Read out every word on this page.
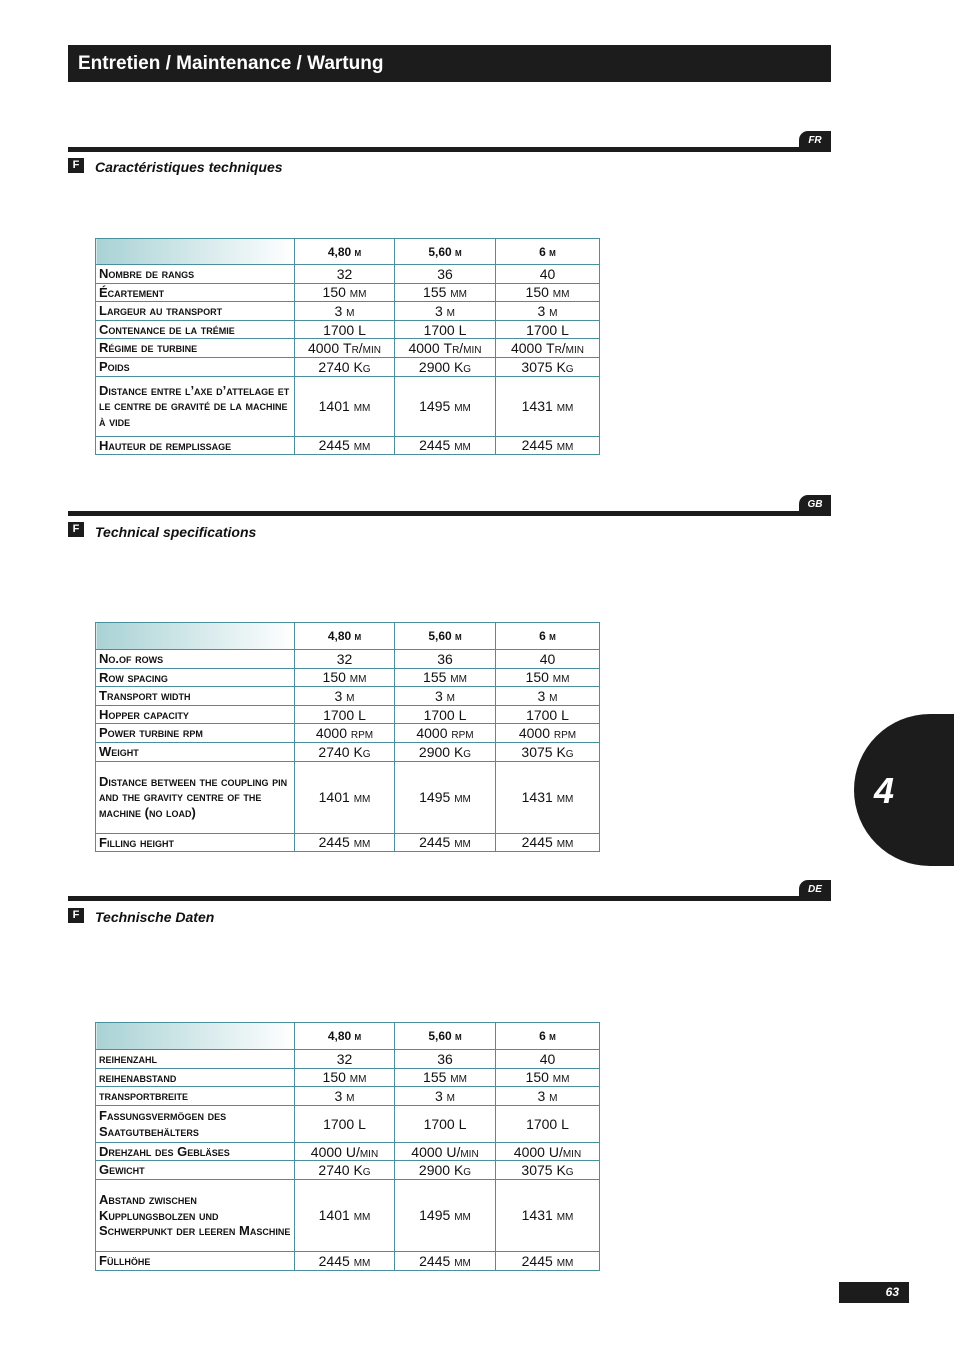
Entretien / Maintenance / Wartung
FR
F	Caractéristiques techniques
	4,80 m	5,60 m	6 m
Nombre de rangs	32	36	40
Écartement	150 mm	155 mm	150 mm
Largeur au transport	3 m	3 m	3 m
Contenance de la trémie	1700 L	1700 L	1700 L
Régime de turbine	4000 Tr/min	4000 Tr/min	4000 Tr/min
Poids	2740 Kg	2900 Kg	3075 Kg
Distance entre l’axe d’attelage et le centre de gravité de la machine à vide	1401 mm	1495 mm	1431 mm
Hauteur de remplissage	2445 mm	2445 mm	2445 mm
GB
F	Technical specifications
	4,80 m	5,60 m	6 m
No.of rows	32	36	40
Row spacing	150 mm	155 mm	150 mm
Transport width	3 m	3 m	3 m
Hopper capacity	1700 L	1700 L	1700 L
Power turbine rpm	4000 rpm	4000 rpm	4000 rpm
Weight	2740 Kg	2900 Kg	3075 Kg
Distance between the coupling pin and the gravity centre of the machine (no load)	1401 mm	1495 mm	1431 mm
Filling height	2445 mm	2445 mm	2445 mm
DE
F	Technische Daten
	4,80 m	5,60 m	6 m
reihenzahl	32	36	40
reihenabstand	150 mm	155 mm	150 mm
transportbreite	3 m	3 m	3 m
Fassungsvermögen des Saatgutbehälters	1700 L	1700 L	1700 L
Drehzahl des Gebläses	4000 U/min	4000 U/min	4000 U/min
Gewicht	2740 Kg	2900 Kg	3075 Kg
Abstand zwischen Kupplungsbolzen und Schwerpunkt der leeren Maschine	1401 mm	1495 mm	1431 mm
Füllhöhe	2445 mm	2445 mm	2445 mm
4
63
